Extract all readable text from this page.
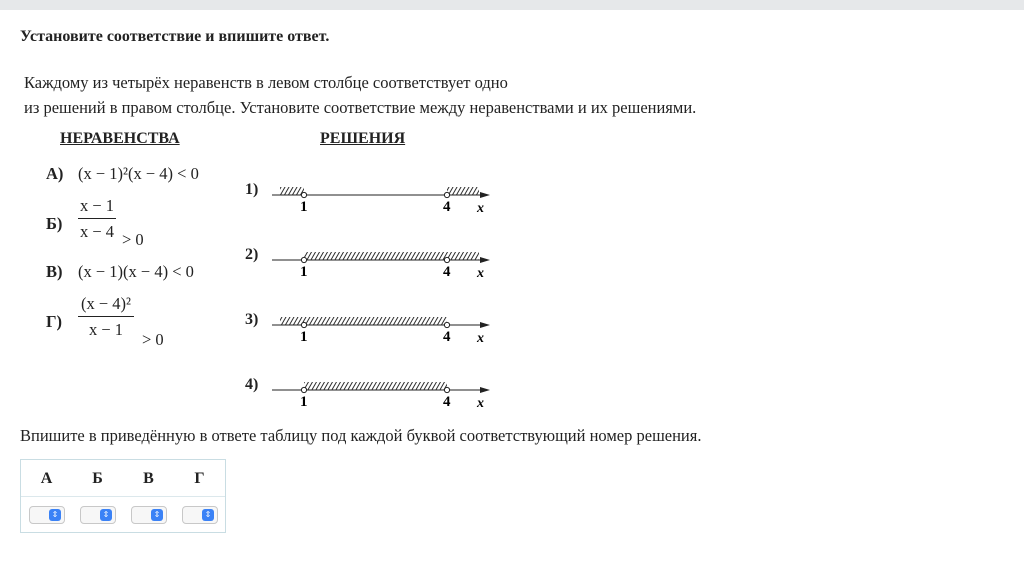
Установите соответствие и впишите ответ.
Каждому из четырёх неравенств в левом столбце соответствует одно
из решений в правом столбце. Установите соответствие между неравенствами и их решениями.
НЕРАВЕНСТВА	РЕШЕНИЯ
А) (x − 1)²(x − 4) < 0
Б)
x − 1
x − 4 > 0
В) (x − 1)(x − 4) < 0
Г)
(x − 4)²
x − 1
> 0
1)
2)
3)
4)
1	4 x
1	4 x
1	4 x
1	4 x
Впишите в приведённую в ответе таблицу под каждой буквой соответствующий номер решения.
А	Б	В	Г
⇕	⇕	⇕	⇕
